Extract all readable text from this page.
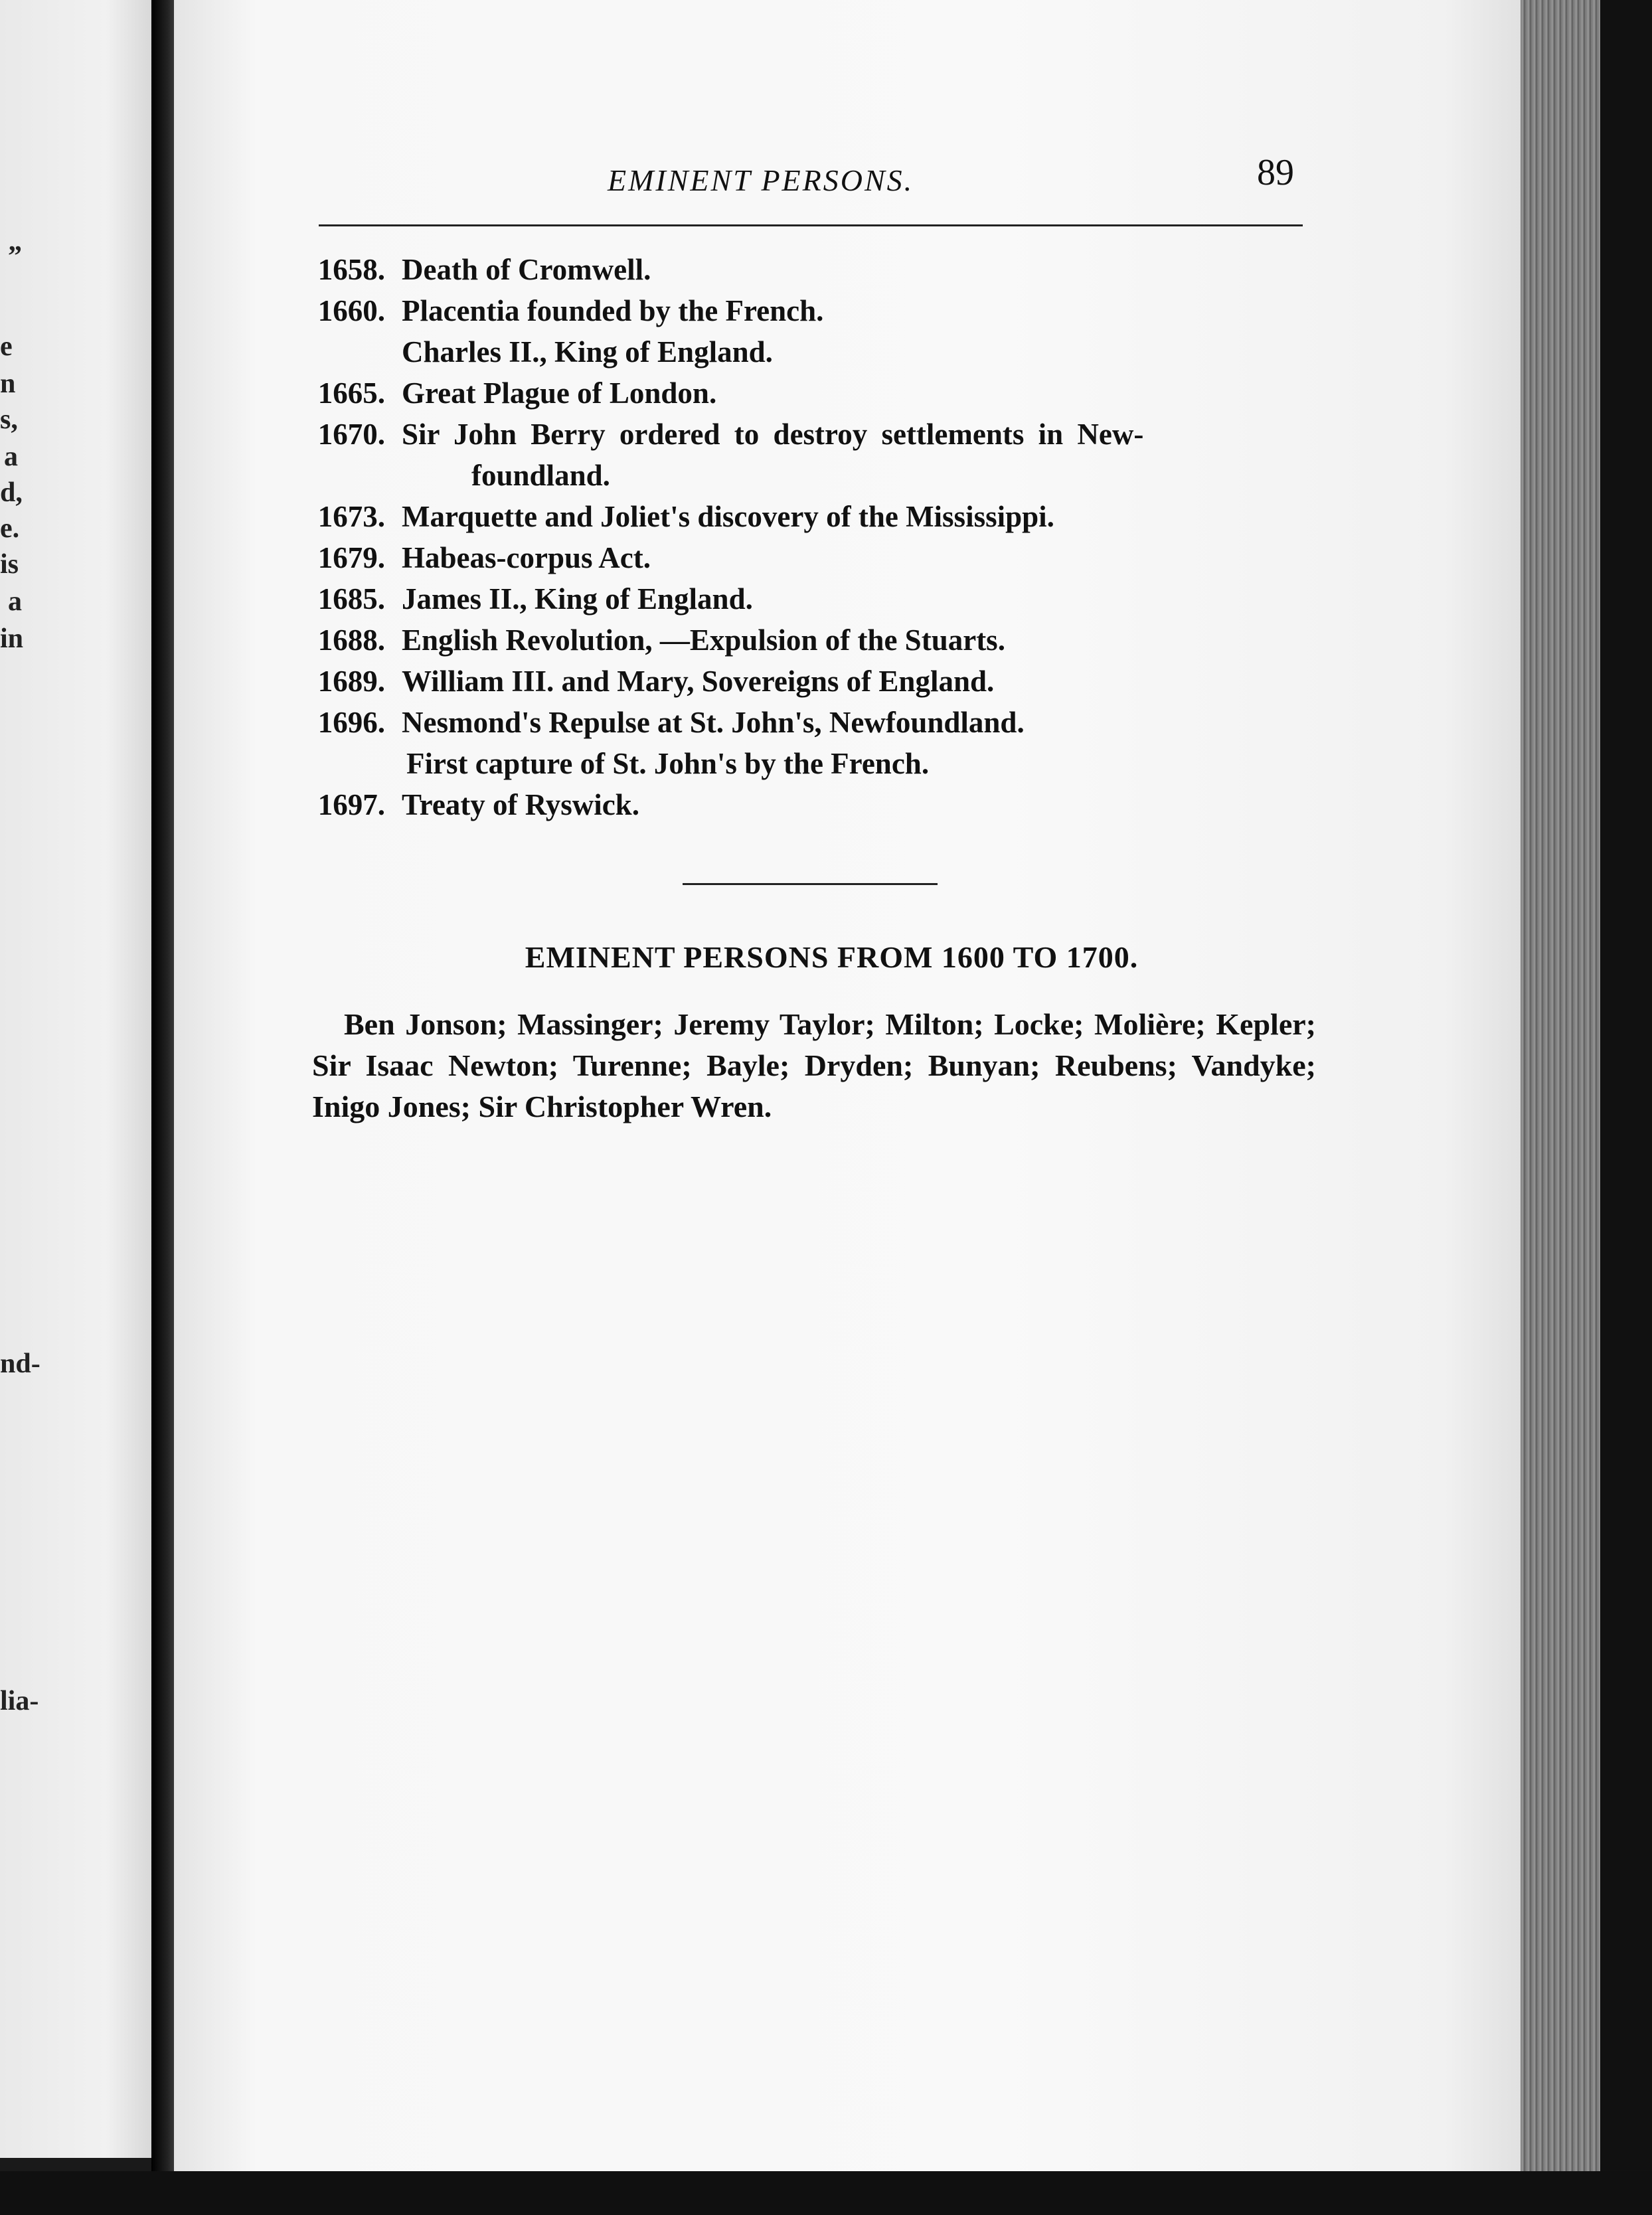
”
e
n
s,
a
d,
e.
is
a
in
nd-
lia-
EMINENT PERSONS.	89
1658. Death of Cromwell.
1660. Placentia founded by the French.
Charles II., King of England.
1665. Great Plague of London.
1670. Sir John Berry ordered to destroy settlements in New-
foundland.
1673. Marquette and Joliet's discovery of the Mississippi.
1679. Habeas-corpus Act.
1685. James II., King of England.
1688. English Revolution, —Expulsion of the Stuarts.
1689. William III. and Mary, Sovereigns of England.
1696. Nesmond's Repulse at St. John's, Newfoundland.
First capture of St. John's by the French.
1697. Treaty of Ryswick.
EMINENT PERSONS FROM 1600 TO 1700.

Ben Jonson; Massinger; Jeremy Taylor; Milton; Locke; Molière; Kepler; Sir Isaac Newton; Turenne; Bayle; Dryden; Bunyan; Reubens; Vandyke; Inigo Jones; Sir Christopher Wren.
